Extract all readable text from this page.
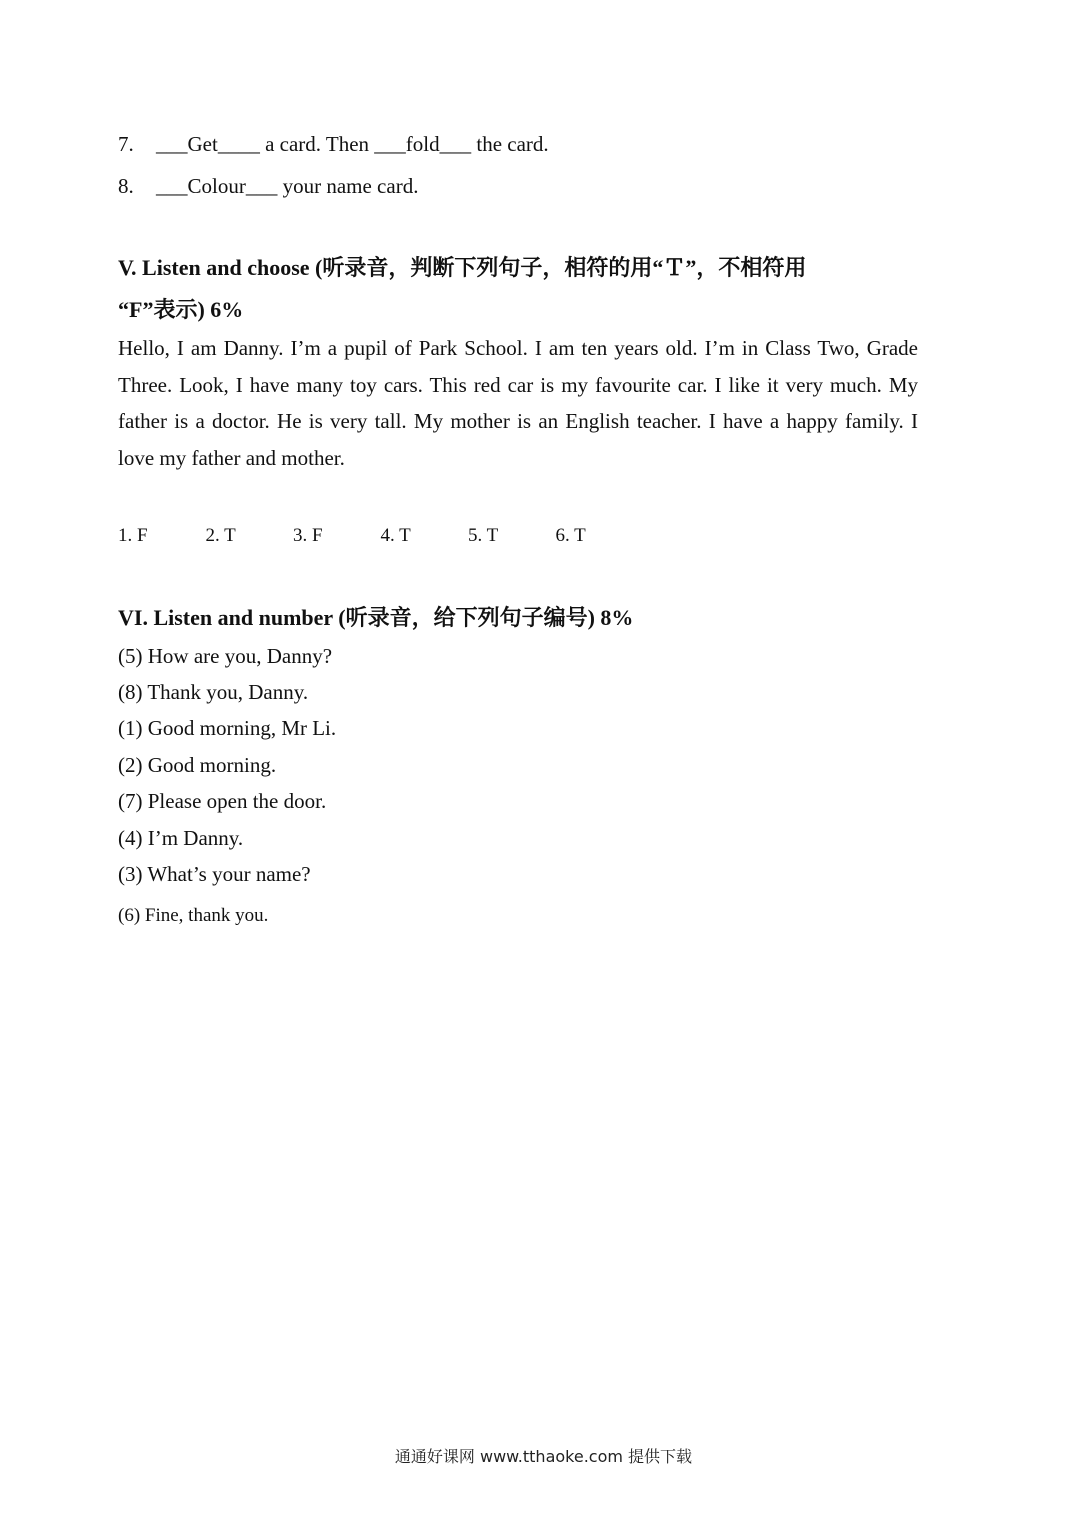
7. ___Get____ a card. Then ___fold___ the card.
8. ___Colour___ your name card.
V. Listen and choose (听录音，判断下列句子，相符的用“Ｔ”，不相符用
“F”表示) 6%
Hello, I am Danny. I’m a pupil of Park School. I am ten years old. I’m in Class Two, Grade Three. Look, I have many toy cars. This red car is my favourite car. I like it very much. My father is a doctor. He is very tall. My mother is an English teacher. I have a happy family. I love my father and mother.
1. F	2. T	3. F	4. T	5. T	6. T
VI. Listen and number (听录音，给下列句子编号) 8%
(5) How are you, Danny?
(8) Thank you, Danny.
(1) Good morning, Mr Li.
(2) Good morning.
(7) Please open the door.
(4) I’m Danny.
(3) What’s your name?
(6) Fine, thank you.
通通好课网 www.tthaoke.com 提供下载
